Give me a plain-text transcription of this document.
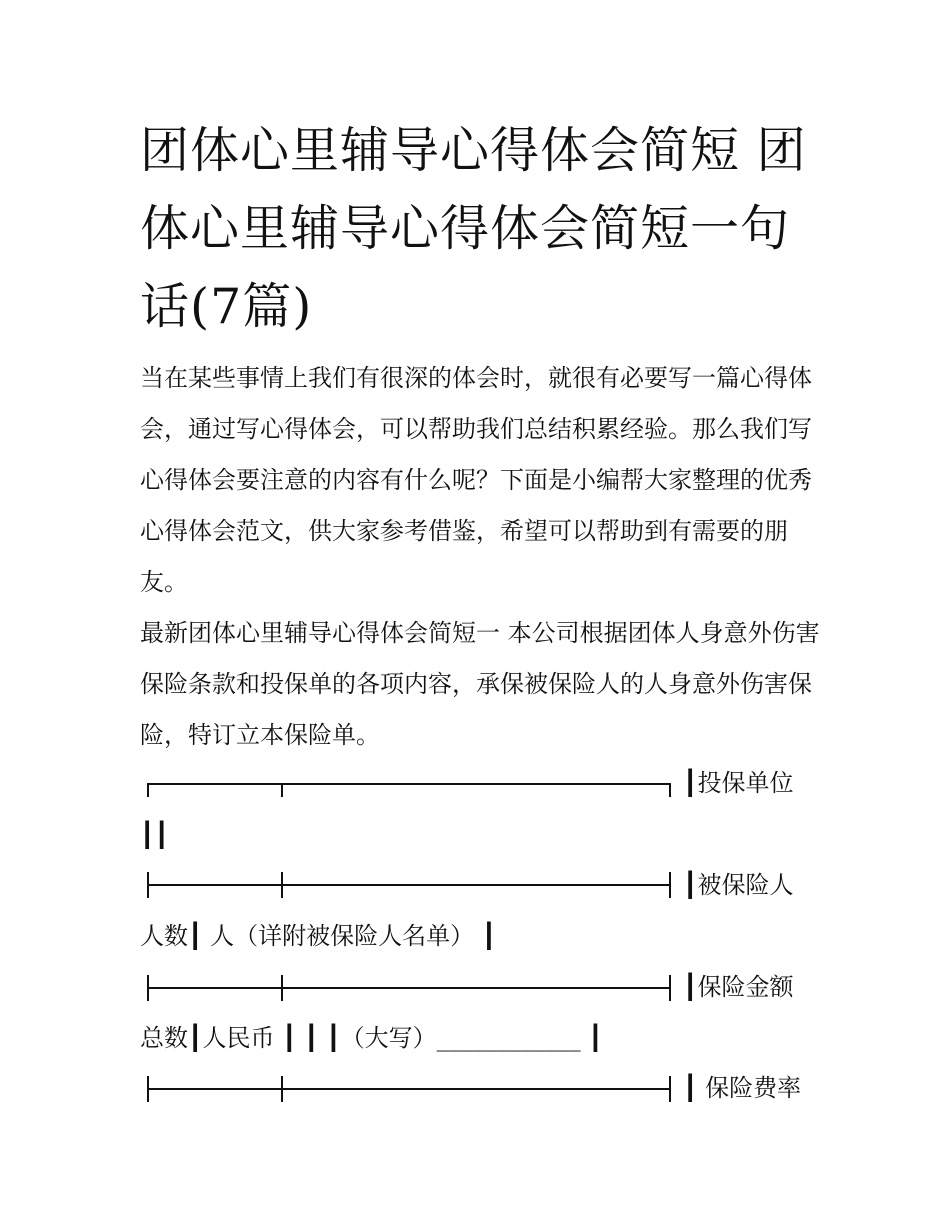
团体心里辅导心得体会简短 团体心里辅导心得体会简短一句话(7篇)

当在某些事情上我们有很深的体会时，就很有必要写一篇心得体会，通过写心得体会，可以帮助我们总结积累经验。那么我们写心得体会要注意的内容有什么呢？下面是小编帮大家整理的优秀心得体会范文，供大家参考借鉴，希望可以帮助到有需要的朋友。

最新团体心里辅导心得体会简短一 本公司根据团体人身意外伤害保险条款和投保单的各项内容，承保被保险人的人身意外伤害保险，特订立本保险单。

┃投保单位
┃┃
┃被保险人
人数┃ 人（详附被保险人名单） ┃
┃保险金额
总数┃人民币 ┃ ┃ ┃（大写）____________ ┃
┃ 保险费率
